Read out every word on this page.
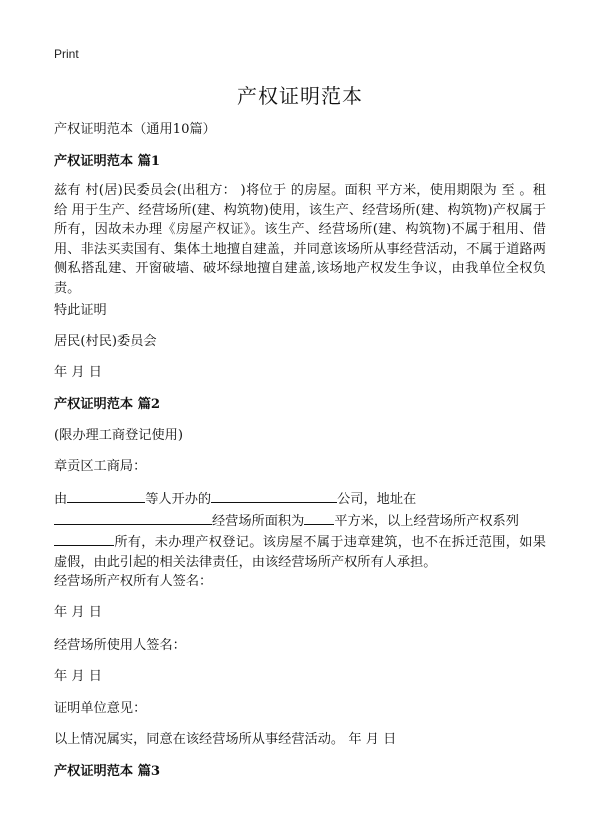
Print
产权证明范本

产权证明范本（通用10篇）

产权证明范本 篇1

兹有 村(居)民委员会(出租方： )将位于 的房屋。面积 平方米，使用期限为 至 。租给 用于生产、经营场所(建、构筑物)使用，该生产、经营场所(建、构筑物)产权属于 所有，因故未办理《房屋产权证》。该生产、经营场所(建、构筑物)不属于租用、借用、非法买卖国有、集体土地擅自建盖，并同意该场所从事经营活动，不属于道路两侧私搭乱建、开窗破墙、破坏绿地擅自建盖,该场地产权发生争议，由我单位全权负责。

特此证明

居民(村民)委员会

年 月 日

产权证明范本 篇2

(限办理工商登记使用)

章贡区工商局：

由	等人开办的	公司，地址在
经营场所面积为 平方米，以上经营场所产权系列
所有，未办理产权登记。该房屋不属于违章建筑，也不在拆迁范围，如果虚假，由此引起的相关法律责任，由该经营场所产权所有人承担。

经营场所产权所有人签名：

年 月 日

经营场所使用人签名：

年 月 日

证明单位意见：

以上情况属实，同意在该经营场所从事经营活动。 年 月 日

产权证明范本 篇3
